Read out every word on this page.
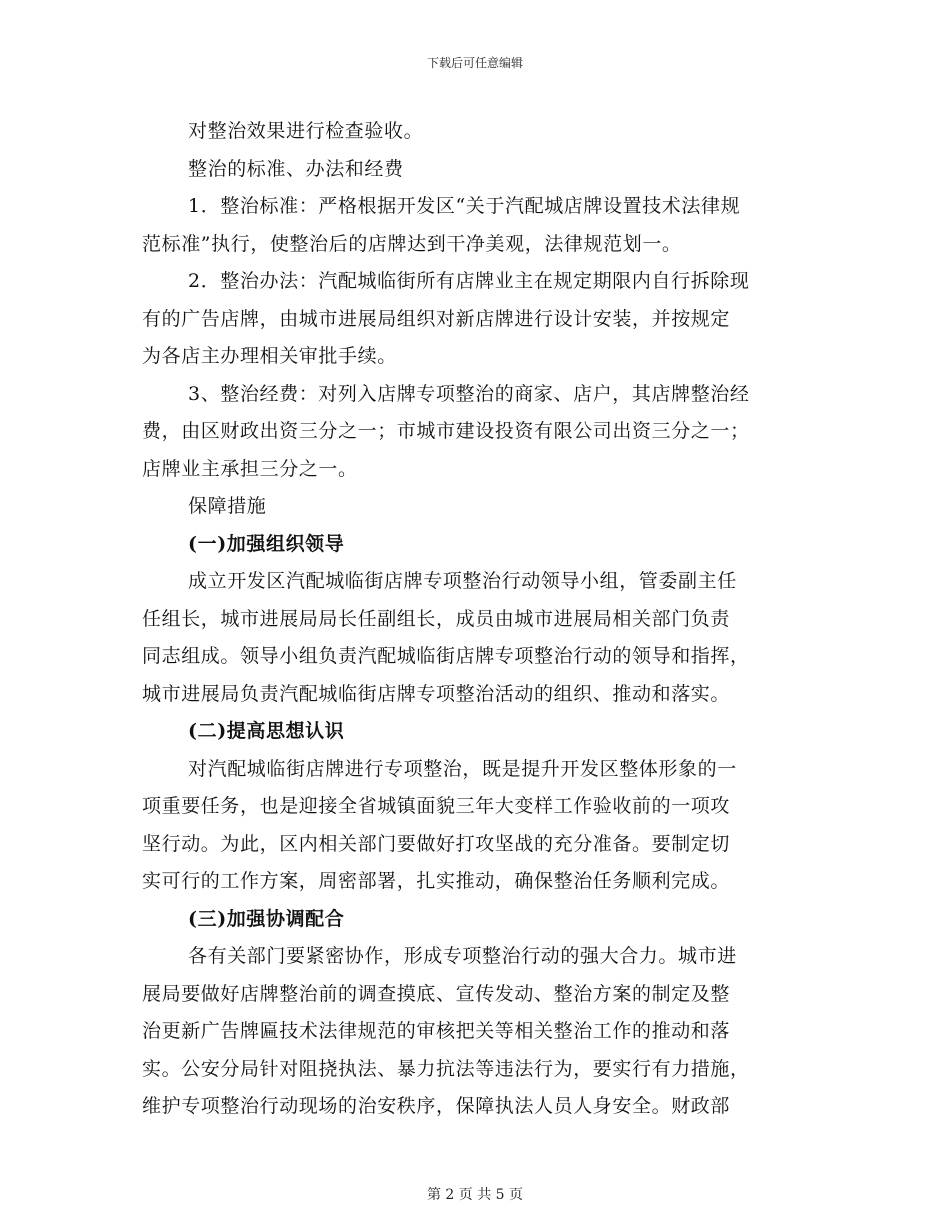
下载后可任意编辑
对整治效果进行检查验收。
整治的标准、办法和经费
1．整治标准：严格根据开发区“关于汽配城店牌设置技术法律规
范标准”执行，使整治后的店牌达到干净美观，法律规范划一。
2．整治办法：汽配城临街所有店牌业主在规定期限内自行拆除现
有的广告店牌，由城市进展局组织对新店牌进行设计安装，并按规定
为各店主办理相关审批手续。
3、整治经费：对列入店牌专项整治的商家、店户，其店牌整治经
费，由区财政出资三分之一；市城市建设投资有限公司出资三分之一；
店牌业主承担三分之一。
保障措施
(一)加强组织领导
成立开发区汽配城临街店牌专项整治行动领导小组，管委副主任
任组长，城市进展局局长任副组长，成员由城市进展局相关部门负责
同志组成。领导小组负责汽配城临街店牌专项整治行动的领导和指挥，
城市进展局负责汽配城临街店牌专项整治活动的组织、推动和落实。
(二)提高思想认识
对汽配城临街店牌进行专项整治，既是提升开发区整体形象的一
项重要任务，也是迎接全省城镇面貌三年大变样工作验收前的一项攻
坚行动。为此，区内相关部门要做好打攻坚战的充分准备。要制定切
实可行的工作方案，周密部署，扎实推动，确保整治任务顺利完成。
(三)加强协调配合
各有关部门要紧密协作，形成专项整治行动的强大合力。城市进
展局要做好店牌整治前的调查摸底、宣传发动、整治方案的制定及整
治更新广告牌匾技术法律规范的审核把关等相关整治工作的推动和落
实。公安分局针对阻挠执法、暴力抗法等违法行为，要实行有力措施，
维护专项整治行动现场的治安秩序，保障执法人员人身安全。财政部
第 2 页 共 5 页
